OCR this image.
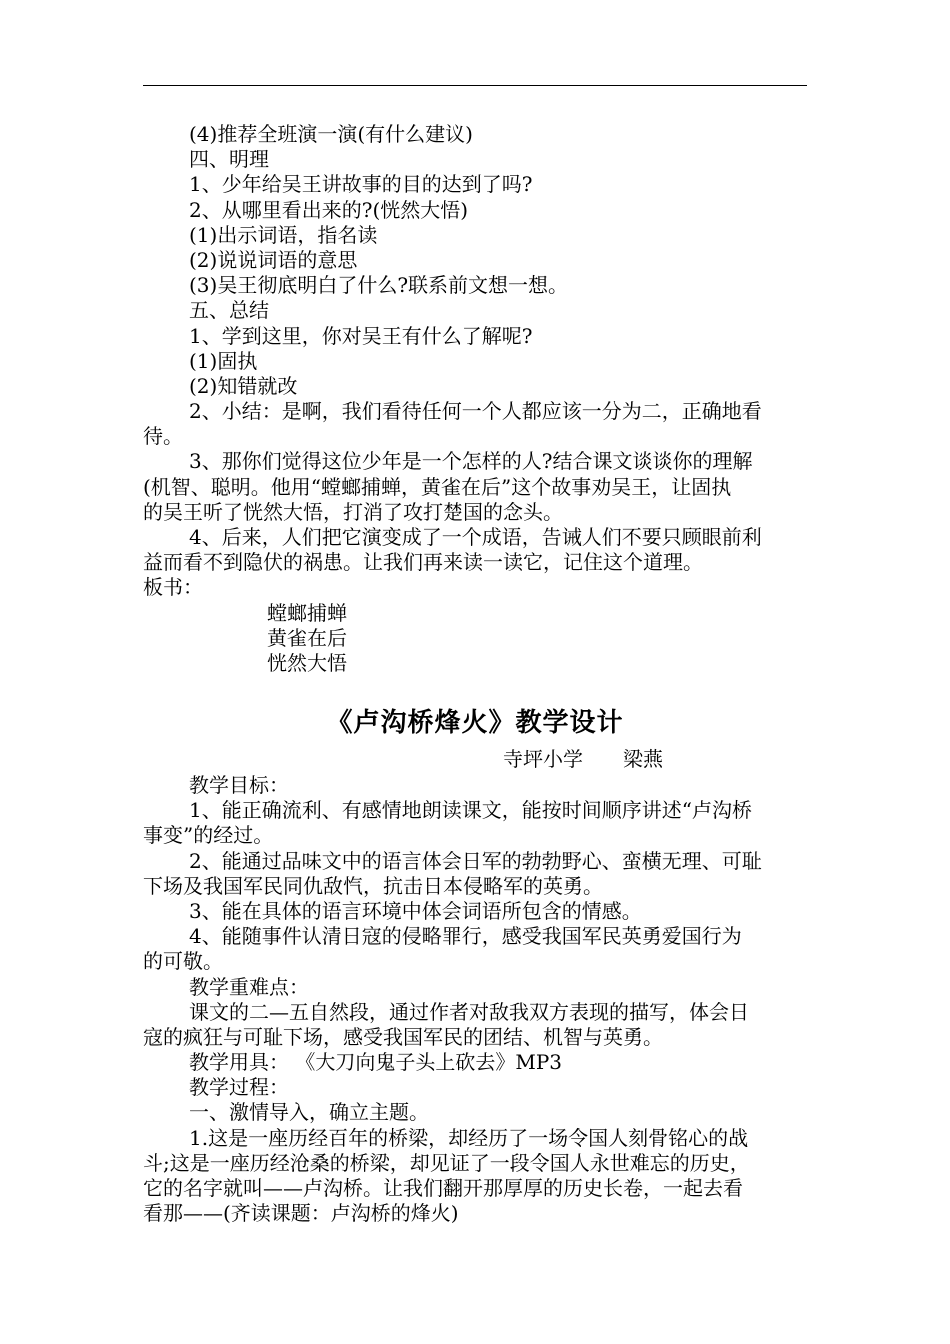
(4)推荐全班演一演(有什么建议)
四、明理
1、少年给吴王讲故事的目的达到了吗?
2、从哪里看出来的?(恍然大悟)
(1)出示词语，指名读
(2)说说词语的意思
(3)吴王彻底明白了什么?联系前文想一想。
五、总结
1、学到这里，你对吴王有什么了解呢?
(1)固执
(2)知错就改
2、小结：是啊，我们看待任何一个人都应该一分为二，正确地看
待。
3、那你们觉得这位少年是一个怎样的人?结合课文谈谈你的理解
(机智、聪明。他用“螳螂捕蝉，黄雀在后”这个故事劝吴王，让固执
的吴王听了恍然大悟，打消了攻打楚国的念头。
4、后来，人们把它演变成了一个成语，告诫人们不要只顾眼前利
益而看不到隐伏的祸患。让我们再来读一读它，记住这个道理。
板书：
螳螂捕蝉
黄雀在后
恍然大悟
《卢沟桥烽火》教学设计
寺坪小学 梁燕
教学目标：
1、能正确流利、有感情地朗读课文，能按时间顺序讲述“卢沟桥
事变”的经过。
2、能通过品味文中的语言体会日军的勃勃野心、蛮横无理、可耻
下场及我国军民同仇敌忾，抗击日本侵略军的英勇。
3、能在具体的语言环境中体会词语所包含的情感。
4、能随事件认清日寇的侵略罪行，感受我国军民英勇爱国行为
的可敬。
教学重难点：
课文的二—五自然段，通过作者对敌我双方表现的描写，体会日
寇的疯狂与可耻下场，感受我国军民的团结、机智与英勇。
教学用具： 《大刀向鬼子头上砍去》MP3
教学过程：
一、激情导入，确立主题。
1.这是一座历经百年的桥梁，却经历了一场令国人刻骨铭心的战
斗;这是一座历经沧桑的桥梁，却见证了一段令国人永世难忘的历史，
它的名字就叫——卢沟桥。让我们翻开那厚厚的历史长卷，一起去看
看那——(齐读课题：卢沟桥的烽火)
